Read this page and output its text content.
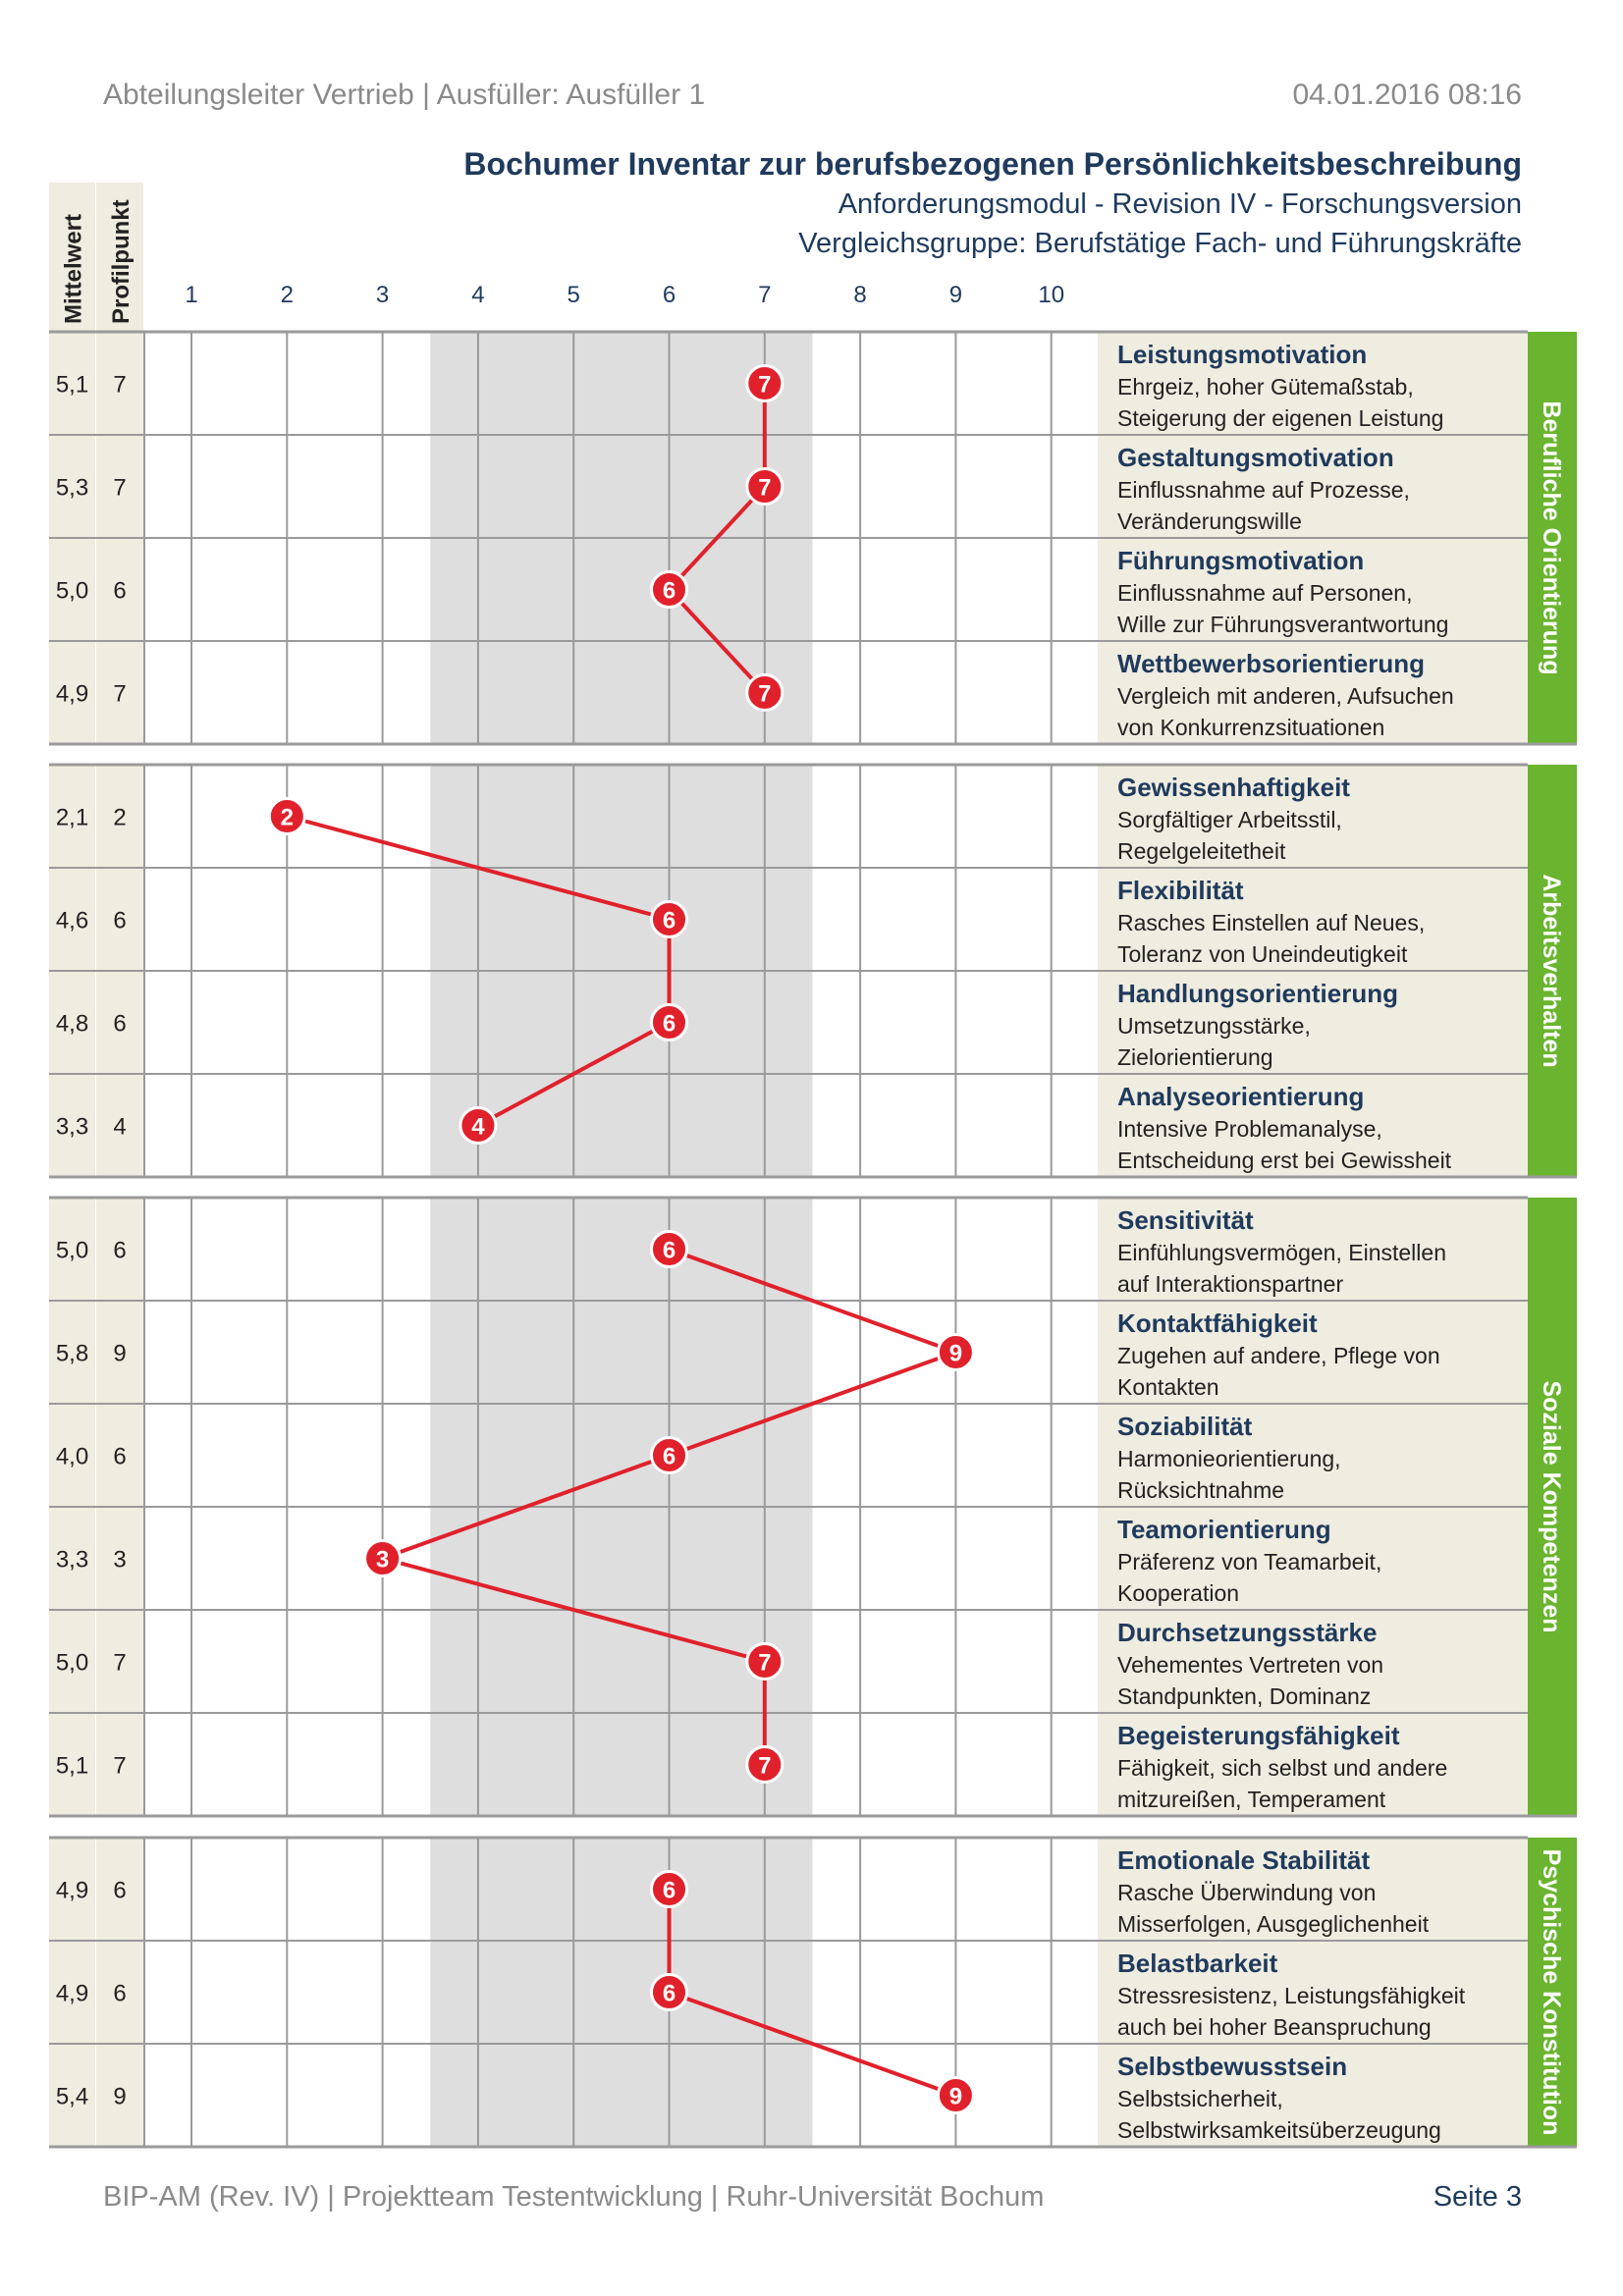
Abteilungsleiter Vertrieb | Ausfüller: Ausfüller 1	04.01.2016 08:16
Bochumer Inventar zur berufsbezogenen Persönlichkeitsbeschreibung
Anforderungsmodul - Revision IV - Forschungsversion
Vergleichsgruppe: Berufstätige Fach- und Führungskräfte
Mittelwert Profilpunkt 1	2	3	4	5	6	7	8	9	10
Berufliche Orientierung
5,1 7
Leistungsmotivation
Ehrgeiz, hoher Gütemaßstab,
Steigerung der eigenen Leistung
5,3 7
Gestaltungsmotivation
Einflussnahme auf Prozesse,
Veränderungswille
5,0 6
Führungsmotivation
Einflussnahme auf Personen,
Wille zur Führungsverantwortung
4,9 7
Wettbewerbsorientierung
Vergleich mit anderen, Aufsuchen
von Konkurrenzsituationen
7
7
6
7
Arbeitsverhalten
2,1 2
Gewissenhaftigkeit
Sorgfältiger Arbeitsstil,
Regelgeleitetheit
4,6 6
Flexibilität
Rasches Einstellen auf Neues,
Toleranz von Uneindeutigkeit
4,8 6
Handlungsorientierung
Umsetzungsstärke,
Zielorientierung
3,3 4
Analyseorientierung
Intensive Problemanalyse,
Entscheidung erst bei Gewissheit
2
6
6
4
Soziale Kompetenzen
5,0 6
Sensitivität
Einfühlungsvermögen, Einstellen
auf Interaktionspartner
5,8 9
Kontaktfähigkeit
Zugehen auf andere, Pflege von
Kontakten
4,0 6
Soziabilität
Harmonieorientierung,
Rücksichtnahme
3,3 3
Teamorientierung
Präferenz von Teamarbeit,
Kooperation
5,0 7
Durchsetzungsstärke
Vehementes Vertreten von
Standpunkten, Dominanz
5,1 7
Begeisterungsfähigkeit
Fähigkeit, sich selbst und andere
mitzureißen, Temperament
6
9
6
3
7
7
Psychische Konstitution
4,9 6
Emotionale Stabilität
Rasche Überwindung von
Misserfolgen, Ausgeglichenheit
4,9 6
Belastbarkeit
Stressresistenz, Leistungsfähigkeit
auch bei hoher Beanspruchung
5,4 9
Selbstbewusstsein
Selbstsicherheit,
Selbstwirksamkeitsüberzeugung
6
6
9
BIP-AM (Rev. IV) | Projektteam Testentwicklung | Ruhr-Universität Bochum	Seite 3
